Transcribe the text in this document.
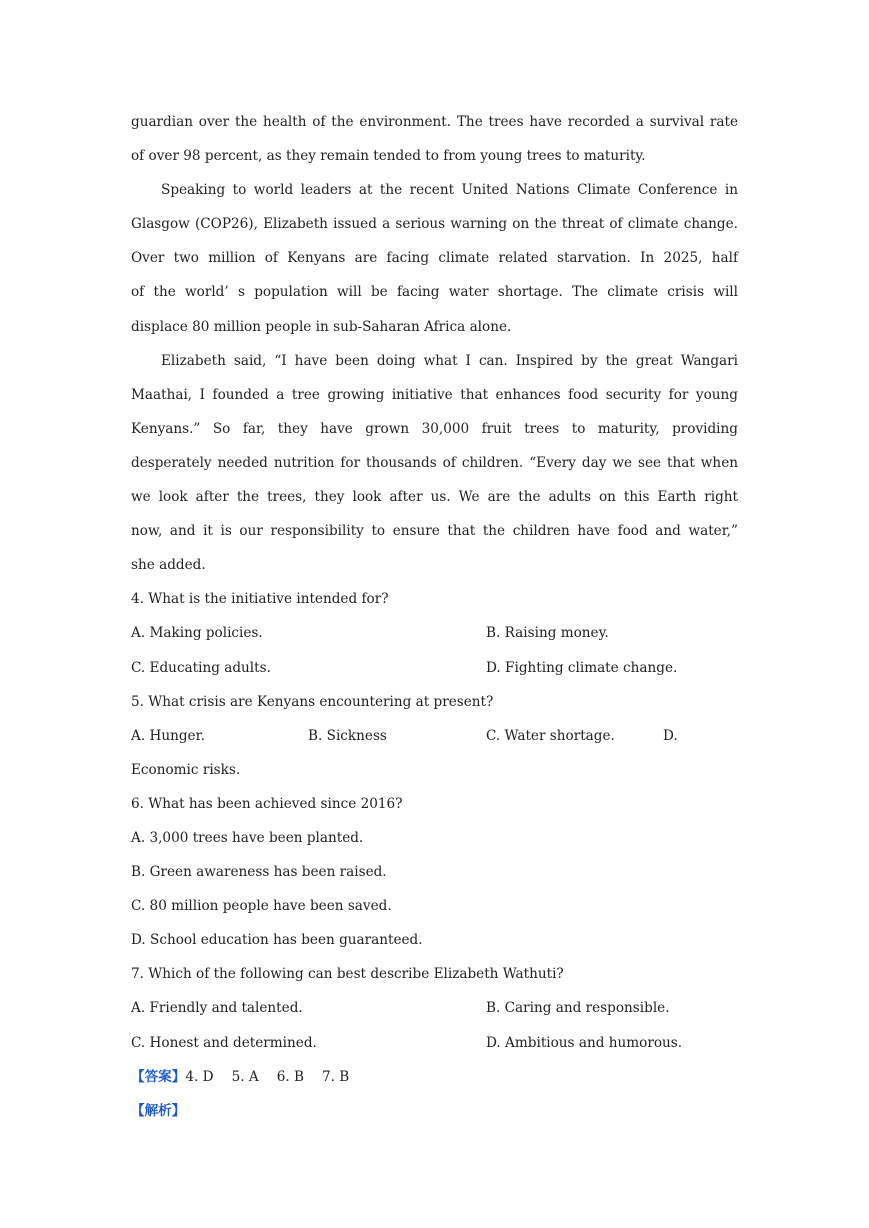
guardian over the health of the environment. The trees have recorded a survival rate
of over 98 percent, as they remain tended to from young trees to maturity.
Speaking to world leaders at the recent United Nations Climate Conference in
Glasgow (COP26), Elizabeth issued a serious warning on the threat of climate change.
Over two million of Kenyans are facing climate related starvation. In 2025, half
of the world’ s population will be facing water shortage. The climate crisis will
displace 80 million people in sub-Saharan Africa alone.
Elizabeth said, “I have been doing what I can. Inspired by the great Wangari
Maathai, I founded a tree growing initiative that enhances food security for young
Kenyans.” So far, they have grown 30,000 fruit trees to maturity, providing
desperately needed nutrition for thousands of children. “Every day we see that when
we look after the trees, they look after us. We are the adults on this Earth right
now, and it is our responsibility to ensure that the children have food and water,”
she added.
4. What is the initiative intended for?
A. Making policies.	B. Raising money.
C. Educating adults.	D. Fighting climate change.
5. What crisis are Kenyans encountering at present?
A. Hunger.	B. Sickness	C. Water shortage.	D.
Economic risks.
6. What has been achieved since 2016?
A. 3,000 trees have been planted.
B. Green awareness has been raised.
C. 80 million people have been saved.
D. School education has been guaranteed.
7. Which of the following can best describe Elizabeth Wathuti?
A. Friendly and talented.	B. Caring and responsible.
C. Honest and determined.	D. Ambitious and humorous.
【答案】4. D 5. A 6. B 7. B
【解析】
